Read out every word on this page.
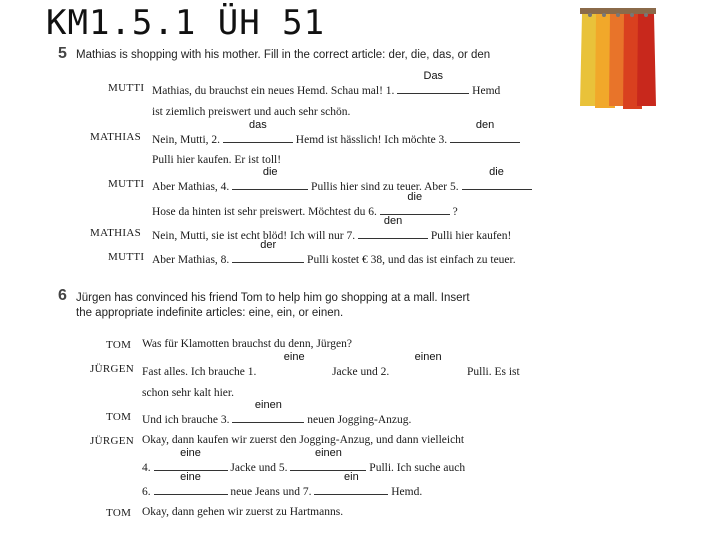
KM1.5.1 ÜH 51
5 Mathias is shopping with his mother. Fill in the correct article: der, die, das, or den
MUTTI Mathias, du brauchst ein neues Hemd. Schau mal! 1.
Das
Hemd
ist ziemlich preiswert und auch sehr schön.
MATHIAS Nein, Mutti, 2.
das
Hemd ist hässlich! Ich möchte 3.
den
Pulli hier kaufen. Er ist toll!
MUTTI Aber Mathias, 4.
die
Pullis hier sind zu teuer. Aber 5.
die
Hose da hinten ist sehr preiswert. Möchtest du 6.
die
?
MATHIAS Nein, Mutti, sie ist echt blöd! Ich will nur 7.
den
Pulli hier kaufen!
MUTTI Aber Mathias, 8.
der
Pulli kostet € 38, und das ist einfach zu teuer.
6 Jürgen has convinced his friend Tom to help him go shopping at a mall. Insert
the appropriate indefinite articles: eine, ein, or einen.
TOM Was für Klamotten brauchst du denn, Jürgen?
JÜRGEN Fast alles. Ich brauche 1.
eine
Jacke und 2.
einen
Pulli. Es ist
schon sehr kalt hier.
TOM Und ich brauche 3.
einen
neuen Jogging-Anzug.
JÜRGEN Okay, dann kaufen wir zuerst den Jogging-Anzug, und dann vielleicht
4.
eine
Jacke und 5.
einen
Pulli. Ich suche auch
6.
eine
neue Jeans und 7.
ein
Hemd.
TOM Okay, dann gehen wir zuerst zu Hartmanns.
